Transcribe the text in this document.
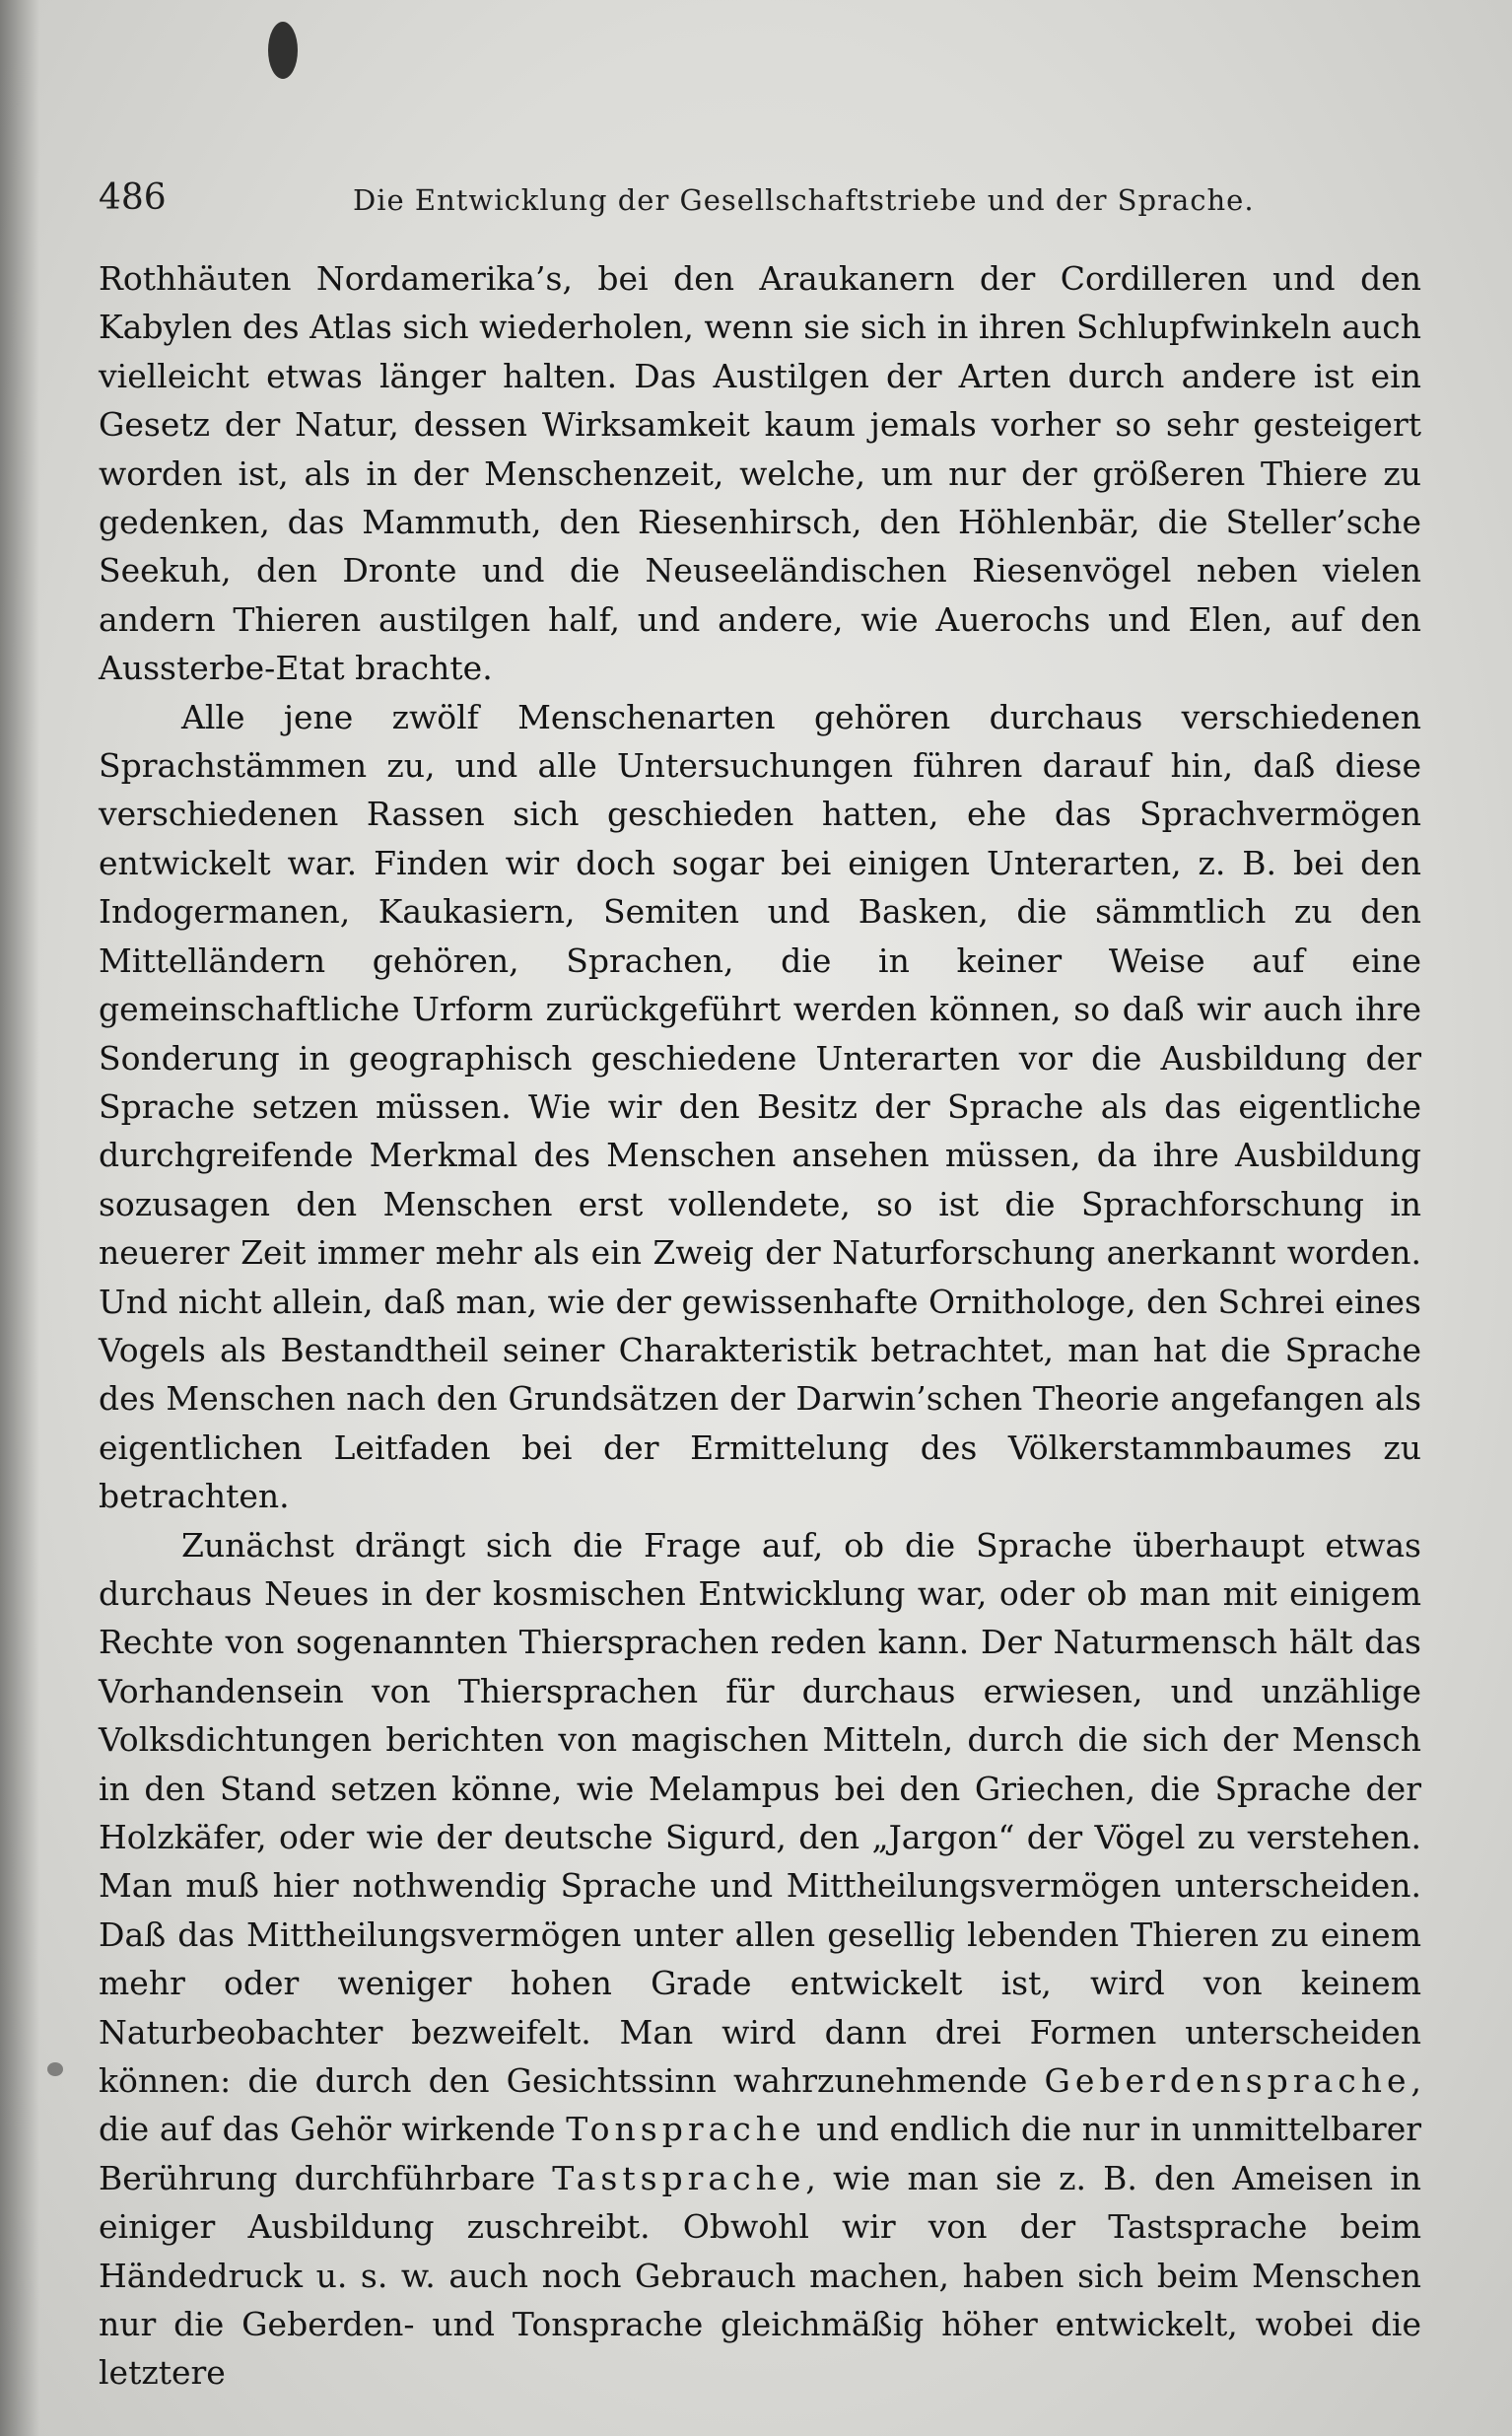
486	Die Entwicklung der Gesellschaftstriebe und der Sprache.

Rothhäuten Nordamerika’s, bei den Araukanern der Cordilleren und den Kabylen des Atlas sich wiederholen, wenn sie sich in ihren Schlupfwinkeln auch vielleicht etwas länger halten. Das Austilgen der Arten durch andere ist ein Gesetz der Natur, dessen Wirksamkeit kaum jemals vorher so sehr gesteigert worden ist, als in der Menschenzeit, welche, um nur der größeren Thiere zu gedenken, das Mammuth, den Riesenhirsch, den Höhlenbär, die Steller’sche Seekuh, den Dronte und die Neuseeländischen Riesenvögel neben vielen andern Thieren austilgen half, und andere, wie Auerochs und Elen, auf den Aussterbe-Etat brachte.

Alle jene zwölf Menschenarten gehören durchaus verschiedenen Sprachstämmen zu, und alle Untersuchungen führen darauf hin, daß diese verschiedenen Rassen sich geschieden hatten, ehe das Sprachvermögen entwickelt war. Finden wir doch sogar bei einigen Unterarten, z. B. bei den Indogermanen, Kaukasiern, Semiten und Basken, die sämmtlich zu den Mittelländern gehören, Sprachen, die in keiner Weise auf eine gemeinschaftliche Urform zurückgeführt werden können, so daß wir auch ihre Sonderung in geographisch geschiedene Unterarten vor die Ausbildung der Sprache setzen müssen. Wie wir den Besitz der Sprache als das eigentliche durchgreifende Merkmal des Menschen ansehen müssen, da ihre Ausbildung sozusagen den Menschen erst vollendete, so ist die Sprachforschung in neuerer Zeit immer mehr als ein Zweig der Naturforschung anerkannt worden. Und nicht allein, daß man, wie der gewissenhafte Ornithologe, den Schrei eines Vogels als Bestandtheil seiner Charakteristik betrachtet, man hat die Sprache des Menschen nach den Grundsätzen der Darwin’schen Theorie angefangen als eigentlichen Leitfaden bei der Ermittelung des Völkerstammbaumes zu betrachten.

Zunächst drängt sich die Frage auf, ob die Sprache überhaupt etwas durchaus Neues in der kosmischen Entwicklung war, oder ob man mit einigem Rechte von sogenannten Thiersprachen reden kann. Der Naturmensch hält das Vorhandensein von Thiersprachen für durchaus erwiesen, und unzählige Volksdichtungen berichten von magischen Mitteln, durch die sich der Mensch in den Stand setzen könne, wie Melampus bei den Griechen, die Sprache der Holzkäfer, oder wie der deutsche Sigurd, den „Jargon“ der Vögel zu verstehen. Man muß hier nothwendig Sprache und Mittheilungsvermögen unterscheiden. Daß das Mittheilungsvermögen unter allen gesellig lebenden Thieren zu einem mehr oder weniger hohen Grade entwickelt ist, wird von keinem Naturbeobachter bezweifelt. Man wird dann drei Formen unterscheiden können: die durch den Gesichtssinn wahrzunehmende Geberdensprache, die auf das Gehör wirkende Tonsprache und endlich die nur in unmittelbarer Berührung durchführbare Tastsprache, wie man sie z. B. den Ameisen in einiger Ausbildung zuschreibt. Obwohl wir von der Tastsprache beim Händedruck u. s. w. auch noch Gebrauch machen, haben sich beim Menschen nur die Geberden- und Tonsprache gleichmäßig höher entwickelt, wobei die letztere
